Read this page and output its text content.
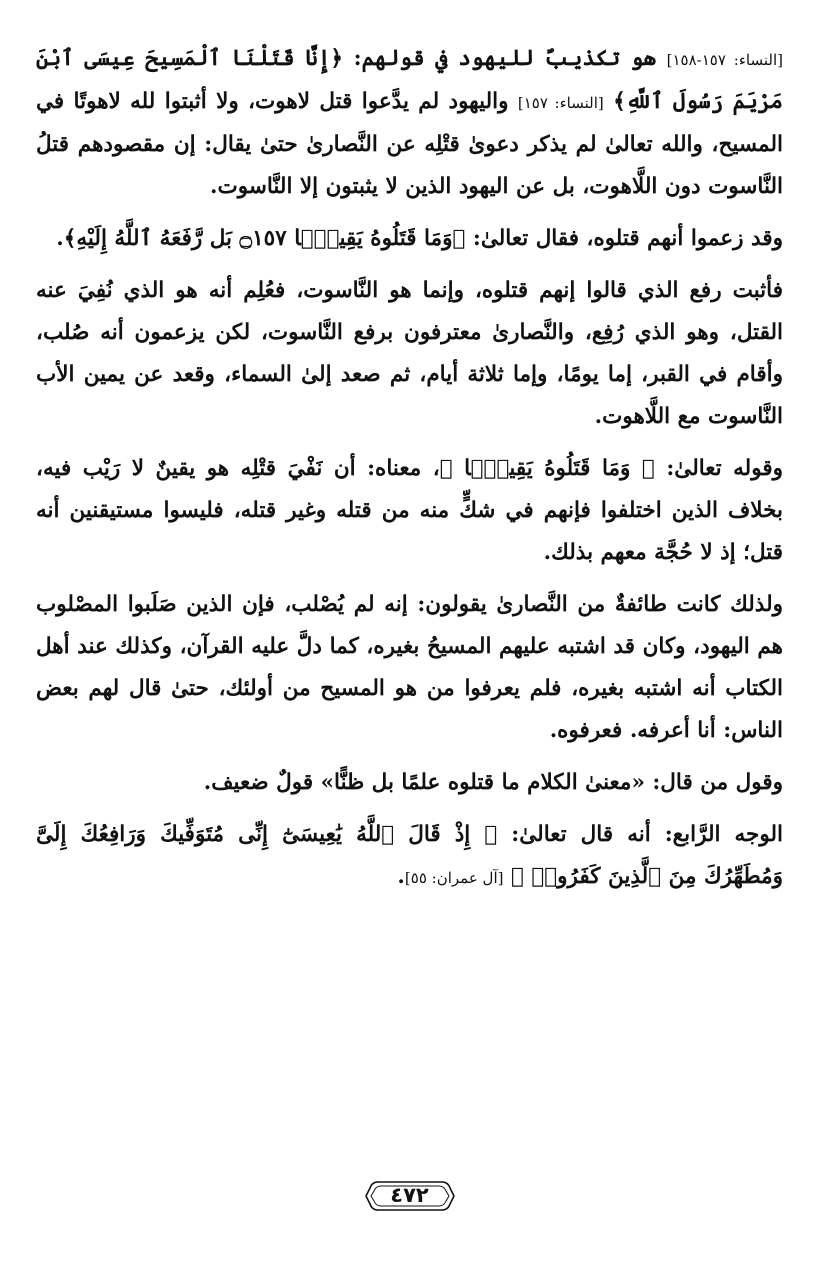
[النساء: ١٥٧-١٥٨] هو تكذيبٌ لليهود في قولهم: ﴿إِنَّا قَتَلْنَا ٱلْمَسِيحَ عِيسَى ٱبْنَ مَرْيَمَ رَسُولَ ٱللَّهِ﴾ [النساء: ١٥٧] واليهود لم يدَّعوا قتل لاهوت، ولا أثبتوا لله لاهوتًا في المسيح، والله تعالىٰ لم يذكر دعوىٰ قتْلِه عن النَّصارىٰ حتىٰ يقال: إن مقصودهم قتلُ النَّاسوت دون اللَّاهوت، بل عن اليهود الذين لا يثبتون إلا النَّاسوت.

وقد زعموا أنهم قتلوه، فقال تعالىٰ: ﴿وَمَا قَتَلُوهُ يَقِينًۢا ۝١٥٧ بَل رَّفَعَهُ ٱللَّهُ إِلَيْهِ﴾.

فأثبت رفع الذي قالوا إنهم قتلوه، وإنما هو النَّاسوت، فعُلِم أنه هو الذي نُفِيَ عنه القتل، وهو الذي رُفِع، والنَّصارىٰ معترفون برفع النَّاسوت، لكن يزعمون أنه صُلب، وأقام في القبر، إما يومًا، وإما ثلاثة أيام، ثم صعد إلىٰ السماء، وقعد عن يمين الأب النَّاسوت مع اللَّاهوت.

وقوله تعالىٰ: ﴿ وَمَا قَتَلُوهُ يَقِينًۢا ﴾، معناه: أن نَفْيَ قتْلِه هو يقينٌ لا رَيْب فيه، بخلاف الذين اختلفوا فإنهم في شكٍّ منه من قتله وغير قتله، فليسوا مستيقنين أنه قتل؛ إذ لا حُجَّة معهم بذلك.

ولذلك كانت طائفةٌ من النَّصارىٰ يقولون: إنه لم يُصْلب، فإن الذين صَلَبوا المصْلوب هم اليهود، وكان قد اشتبه عليهم المسيحُ بغيره، كما دلَّ عليه القرآن، وكذلك عند أهل الكتاب أنه اشتبه بغيره، فلم يعرفوا من هو المسيح من أولئك، حتىٰ قال لهم بعض الناس: أنا أعرفه. فعرفوه.

وقول من قال: «معنىٰ الكلام ما قتلوه علمًا بل ظنًّا» قولٌ ضعيف.

الوجه الرَّابع: أنه قال تعالىٰ: ﴿ إِذْ قَالَ ٱللَّهُ يَٰعِيسَىٰٓ إِنِّى مُتَوَفِّيكَ وَرَافِعُكَ إِلَىَّ وَمُطَهِّرُكَ مِنَ ٱلَّذِينَ كَفَرُوا۟ ﴾ [آل عمران: ٥٥].

٤٧٢
